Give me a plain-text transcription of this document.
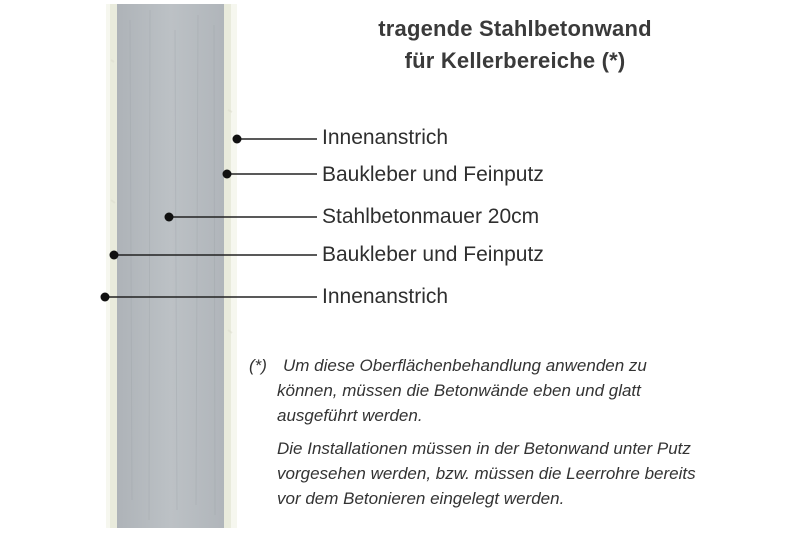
tragende Stahlbetonwand
für Kellerbereiche (*)
Innenanstrich
Baukleber und Feinputz
Stahlbetonmauer 20cm
Baukleber und Feinputz
Innenanstrich
(*) Um diese Oberflächenbehandlung anwenden zu
können, müssen die Betonwände eben und glatt
ausgeführt werden.
Die Installationen müssen in der Betonwand unter Putz
vorgesehen werden, bzw. müssen die Leerrohre bereits
vor dem Betonieren eingelegt werden.
